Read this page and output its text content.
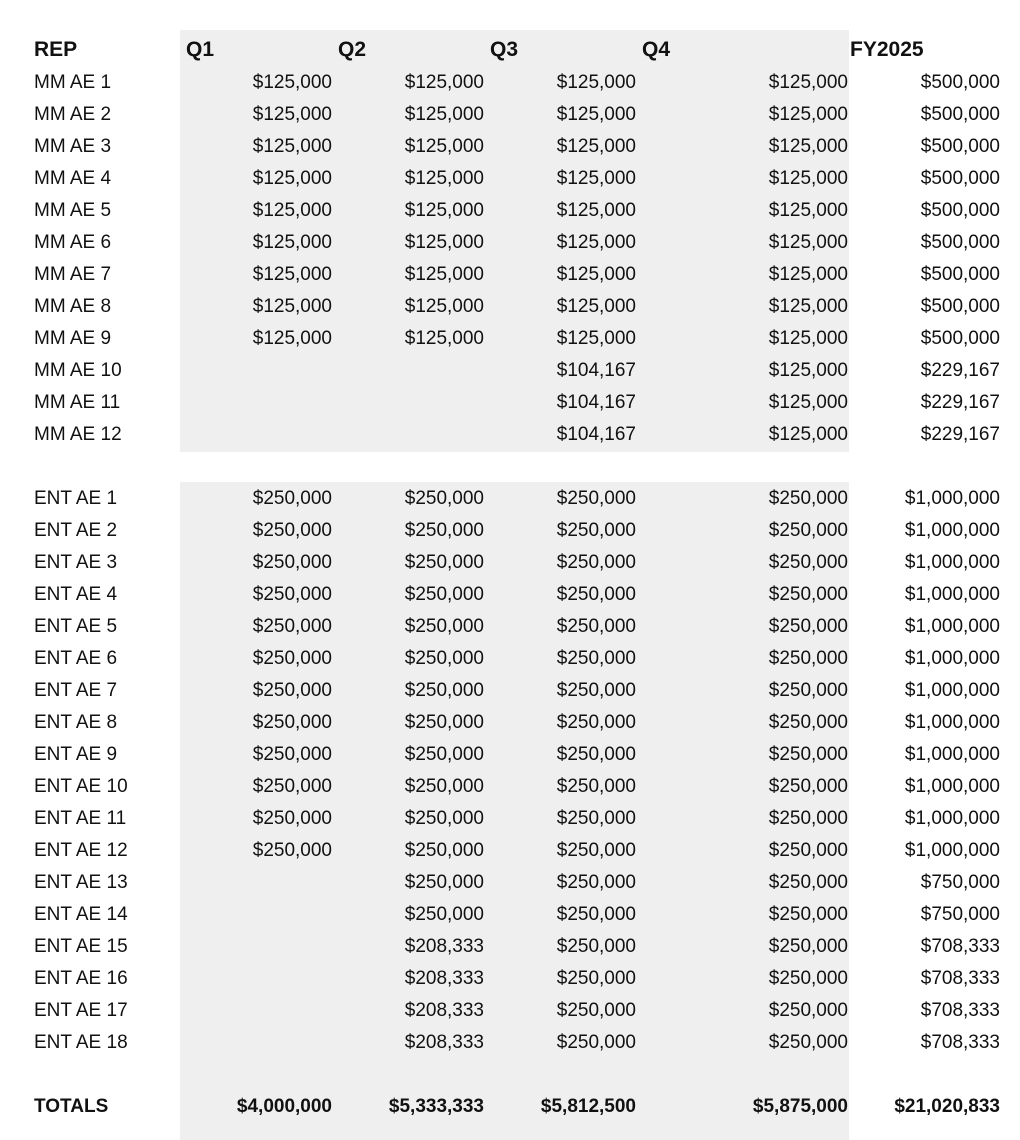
REP	Q1	Q2	Q3	Q4	FY2025
MM AE 1	$125,000	$125,000	$125,000	$125,000	$500,000
MM AE 2	$125,000	$125,000	$125,000	$125,000	$500,000
MM AE 3	$125,000	$125,000	$125,000	$125,000	$500,000
MM AE 4	$125,000	$125,000	$125,000	$125,000	$500,000
MM AE 5	$125,000	$125,000	$125,000	$125,000	$500,000
MM AE 6	$125,000	$125,000	$125,000	$125,000	$500,000
MM AE 7	$125,000	$125,000	$125,000	$125,000	$500,000
MM AE 8	$125,000	$125,000	$125,000	$125,000	$500,000
MM AE 9	$125,000	$125,000	$125,000	$125,000	$500,000
MM AE 10			$104,167	$125,000	$229,167
MM AE 11			$104,167	$125,000	$229,167
MM AE 12			$104,167	$125,000	$229,167

ENT AE 1	$250,000	$250,000	$250,000	$250,000	$1,000,000
ENT AE 2	$250,000	$250,000	$250,000	$250,000	$1,000,000
ENT AE 3	$250,000	$250,000	$250,000	$250,000	$1,000,000
ENT AE 4	$250,000	$250,000	$250,000	$250,000	$1,000,000
ENT AE 5	$250,000	$250,000	$250,000	$250,000	$1,000,000
ENT AE 6	$250,000	$250,000	$250,000	$250,000	$1,000,000
ENT AE 7	$250,000	$250,000	$250,000	$250,000	$1,000,000
ENT AE 8	$250,000	$250,000	$250,000	$250,000	$1,000,000
ENT AE 9	$250,000	$250,000	$250,000	$250,000	$1,000,000
ENT AE 10	$250,000	$250,000	$250,000	$250,000	$1,000,000
ENT AE 11	$250,000	$250,000	$250,000	$250,000	$1,000,000
ENT AE 12	$250,000	$250,000	$250,000	$250,000	$1,000,000
ENT AE 13		$250,000	$250,000	$250,000	$750,000
ENT AE 14		$250,000	$250,000	$250,000	$750,000
ENT AE 15		$208,333	$250,000	$250,000	$708,333
ENT AE 16		$208,333	$250,000	$250,000	$708,333
ENT AE 17		$208,333	$250,000	$250,000	$708,333
ENT AE 18		$208,333	$250,000	$250,000	$708,333

TOTALS	$4,000,000	$5,333,333	$5,812,500	$5,875,000	$21,020,833
